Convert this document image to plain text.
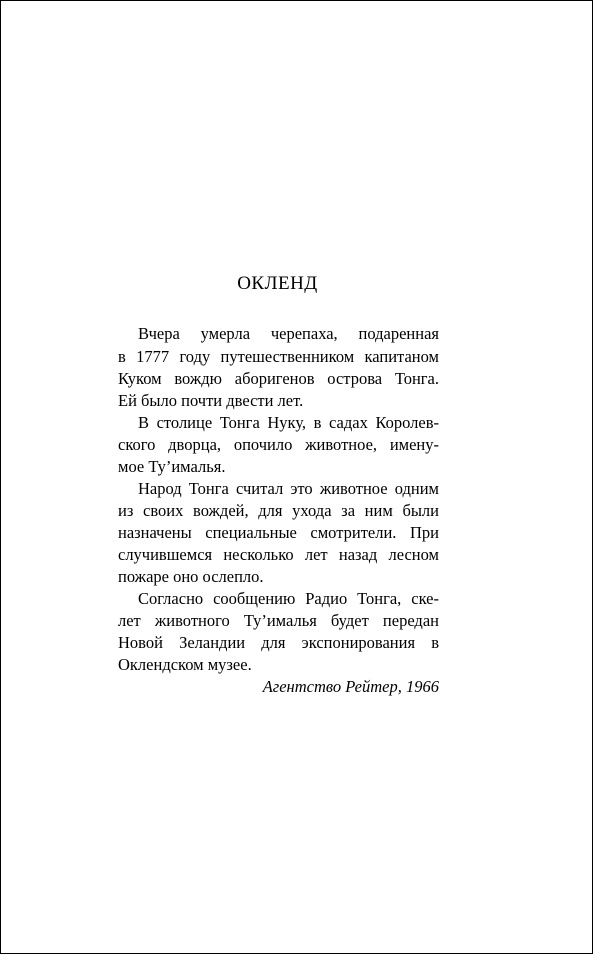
ОКЛЕНД
Вчера умерла черепаха, подаренная
в 1777 году путешественником капитаном
Куком вождю аборигенов острова Тонга.
Ей было почти двести лет.
В столице Тонга Нуку, в садах Королев-
ского дворца, опочило животное, имену-
мое Ту’ималья.
Народ Тонга считал это животное одним
из своих вождей, для ухода за ним были
назначены специальные смотрители. При
случившемся несколько лет назад лесном
пожаре оно ослепло.
Согласно сообщению Радио Тонга, ске-
лет животного Ту’ималья будет передан
Новой Зеландии для экспонирования в
Оклендском музее.
Агентство Рейтер, 1966
